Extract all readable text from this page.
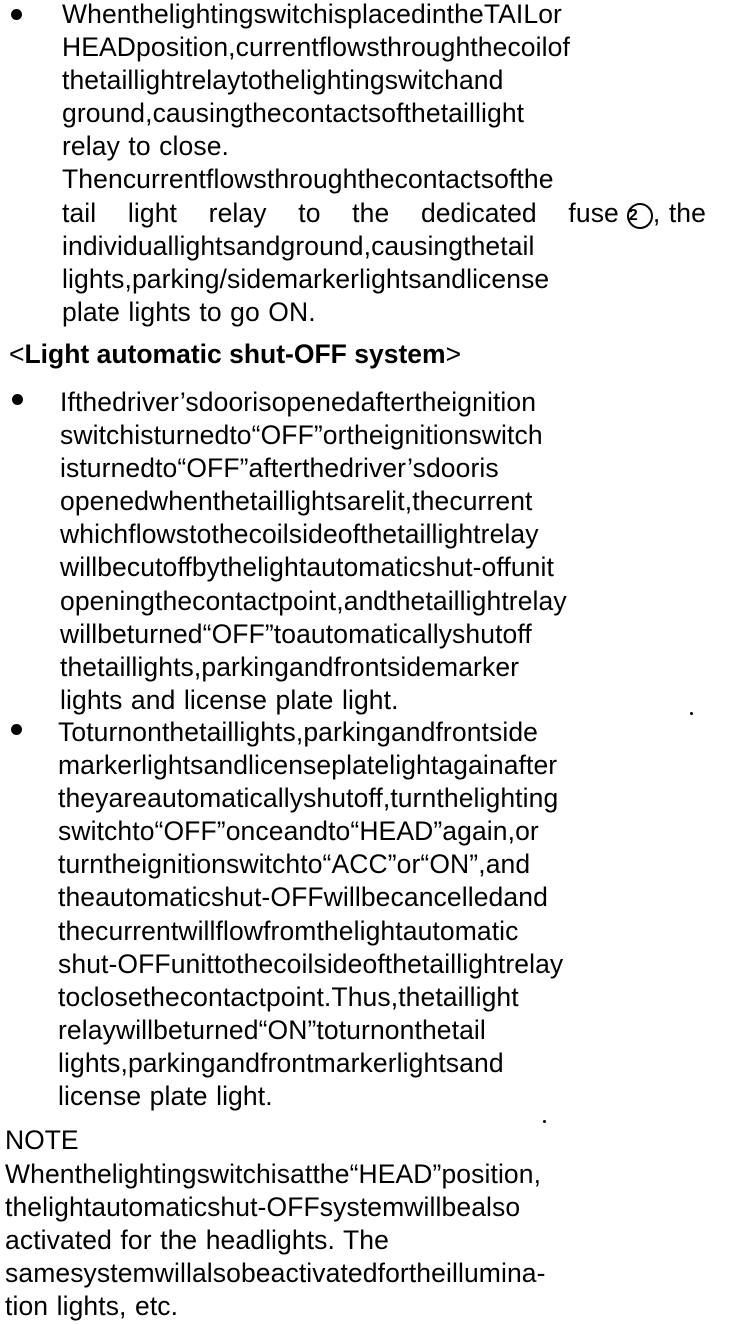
WhenthelightingswitchisplacedintheTAILor
HEADposition,currentflowsthroughthecoilof
thetaillightrelaytothelightingswitchand
ground,causingthecontactsofthetaillight
relay to close.
Thencurrentflowsthroughthecontactsofthe
tail light relay to the dedicated fuse 2 , the
individuallightsandground,causingthetail
lights,parking/sidemarkerlightsandlicense
plate lights to go ON.
<Light automatic shut-OFF system>
Ifthedriver’sdoorisopenedaftertheignition
switchisturnedto“OFF”ortheignitionswitch
isturnedto“OFF”afterthedriver’sdooris
openedwhenthetaillightsarelit,thecurrent
whichflowstothecoilsideofthetaillightrelay
willbecutoffbythelightautomaticshut-offunit
openingthecontactpoint,andthetaillightrelay
willbeturned“OFF”toautomaticallyshutoff
thetaillights,parkingandfrontsidemarker
lights and license plate light.
Toturnonthetaillights,parkingandfrontside
markerlightsandlicenseplatelightagainafter
theyareautomaticallyshutoff,turnthelighting
switchto“OFF”onceandto“HEAD”again,or
turntheignitionswitchto“ACC”or“ON”,and
theautomaticshut-OFFwillbecancelledand
thecurrentwillflowfromthelightautomatic
shut-OFFunittothecoilsideofthetaillightrelay
toclosethecontactpoint.Thus,thetaillight
relaywillbeturned“ON”toturnonthetail
lights,parkingandfrontmarkerlightsand
license plate light.
NOTE
Whenthelightingswitchisatthe“HEAD”position,
thelightautomaticshut-OFFsystemwillbealso
activated for the headlights. The
samesystemwillalsobeactivatedfortheillumina-
tion lights, etc.
